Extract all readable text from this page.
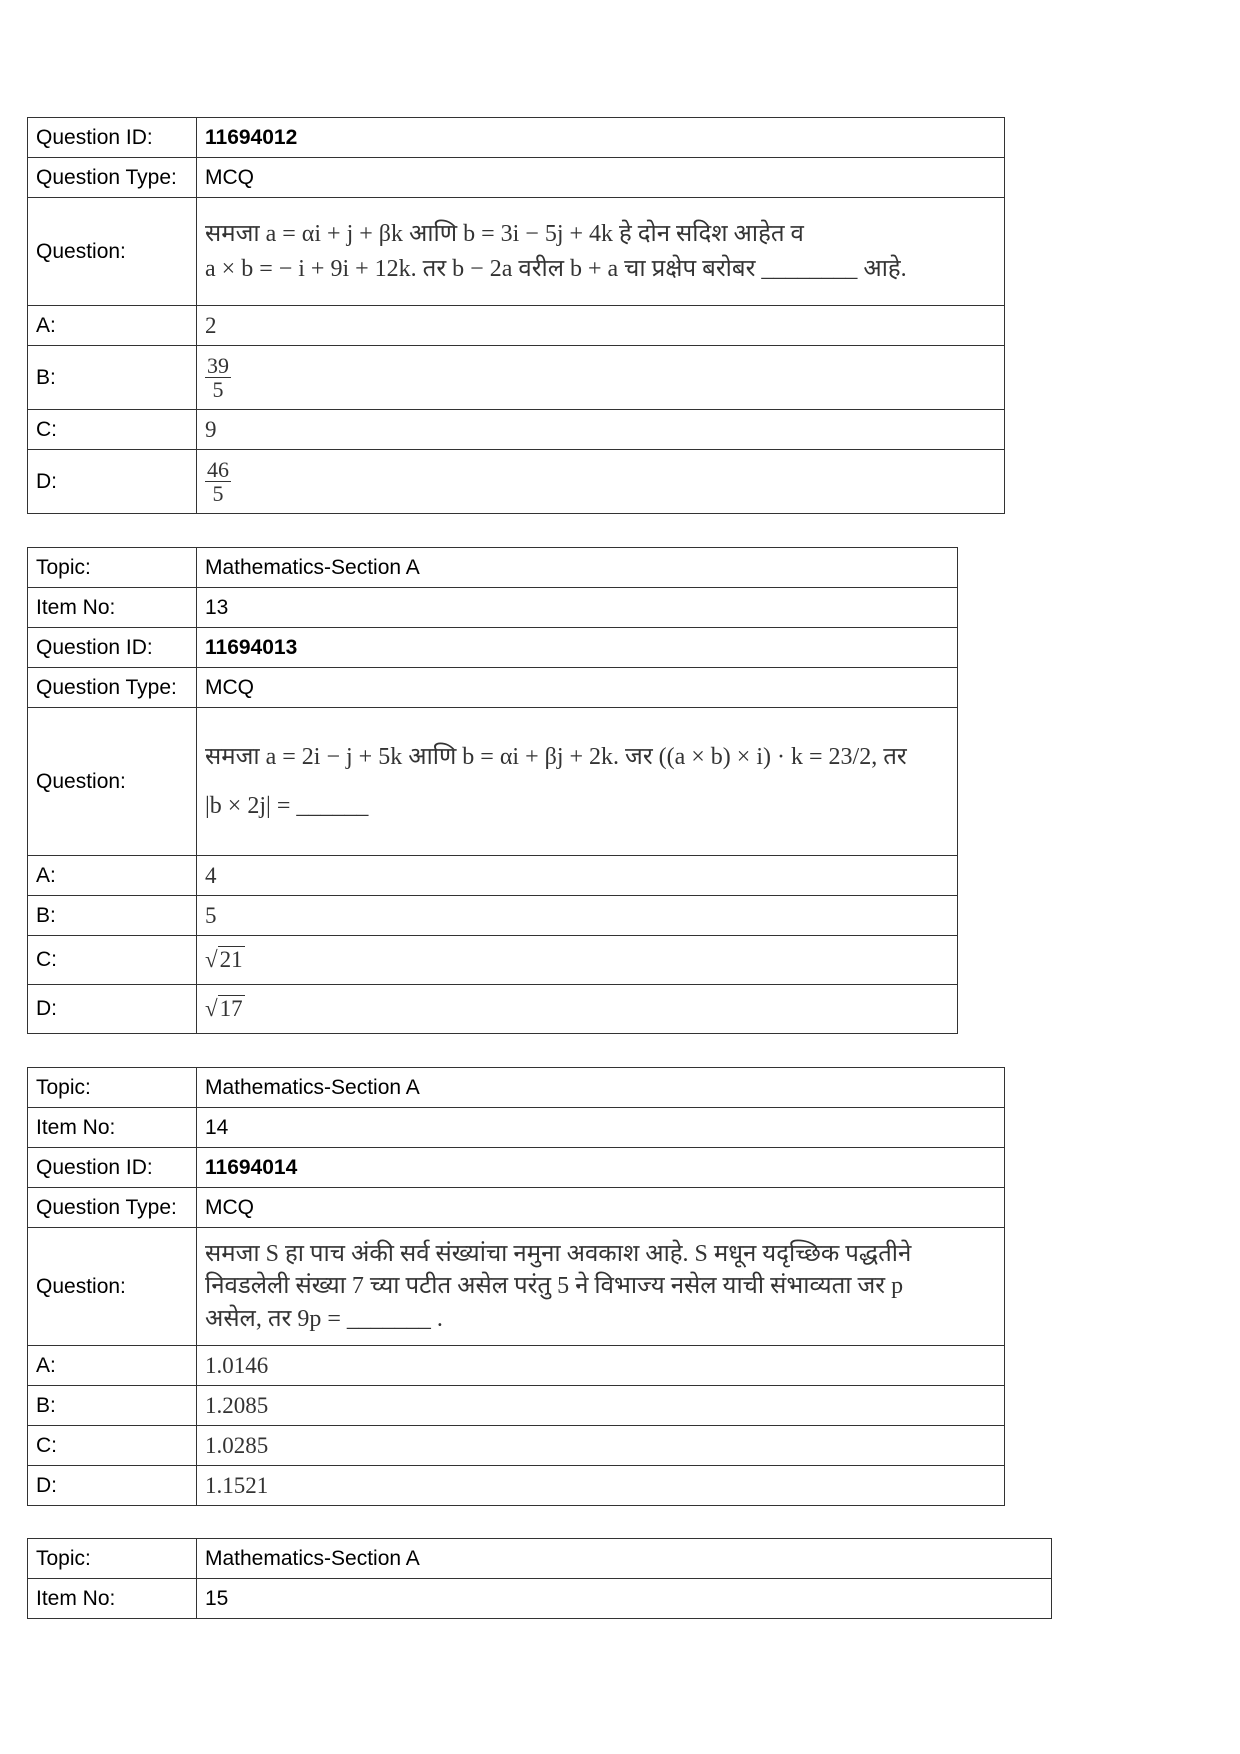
Question ID:	11694012
Question Type:	MCQ
Question:	समजा a = αi + j + βk आणि b = 3i − 5j + 4k हे दोन सदिश आहेत व
a × b = − i + 9i + 12k. तर b − 2a वरील b + a चा प्रक्षेप बरोबर ________ आहे.

A:	2
B:	$\frac{39}{5}$

C:	9
D:	$\frac{46}{5}$
Topic:	Mathematics-Section A
Item No:	13
Question ID:	11694013
Question Type:	MCQ
Question:	समजा a = 2i − j + 5k आणि b = αi + βj + 2k. जर ((a × b) × i) · k = 23/2, तर
|b × 2j| = ______

A:	4
B:	5
C:	√21
D:	√17
Topic:	Mathematics-Section A
Item No:	14
Question ID:	11694014
Question Type:	MCQ
Question:	समजा S हा पाच अंकी सर्व संख्यांचा नमुना अवकाश आहे. S मधून यदृच्छिक पद्धतीने
निवडलेली संख्या 7 च्या पटीत असेल परंतु 5 ने विभाज्य नसेल याची संभाव्यता जर p
असेल, तर 9p = _______ .

A:	1.0146
B:	1.2085
C:	1.0285
D:	1.1521
Topic:	Mathematics-Section A
Item No:	15
